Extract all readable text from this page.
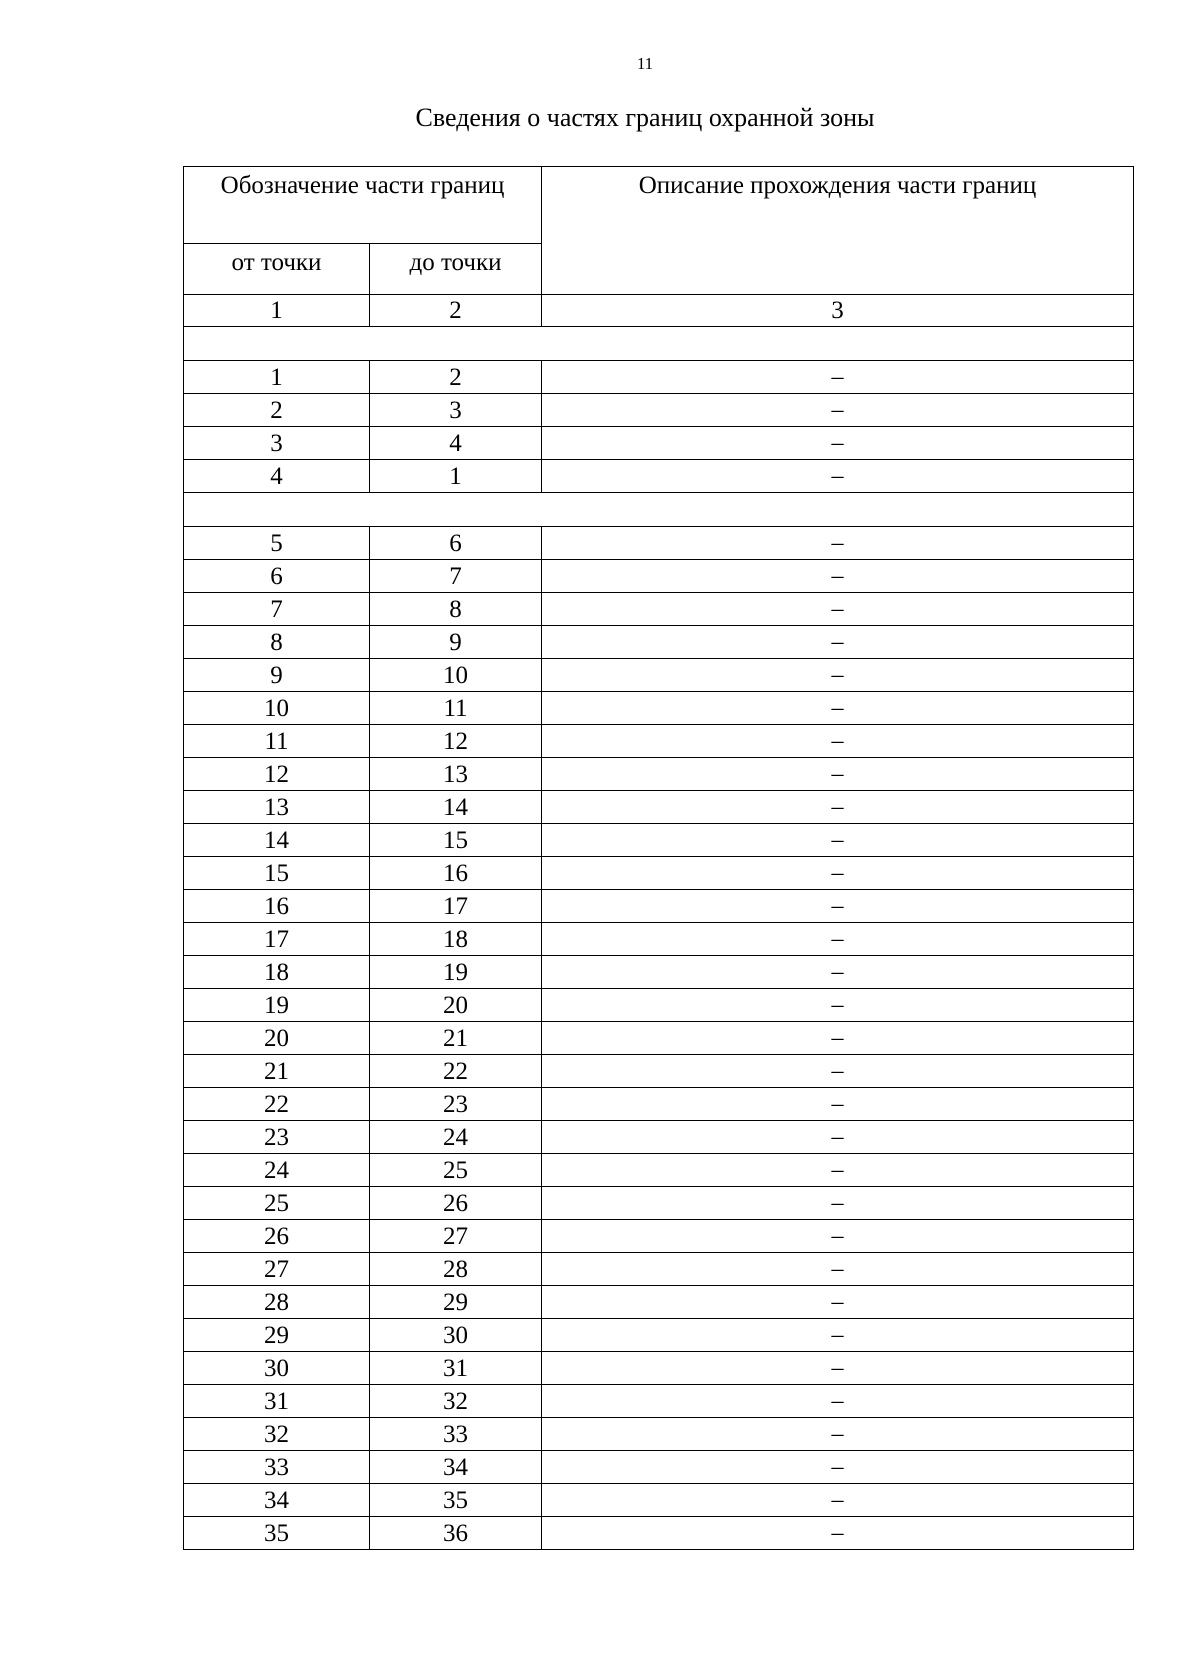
11
Сведения о частях границ охранной зоны
Обозначение части границ		Описание прохождения части границ
от точки	до точки	
1	2	3

1	2	–
2	3	–
3	4	–
4	1	–

5	6	–
6	7	–
7	8	–
8	9	–
9	10	–
10	11	–
11	12	–
12	13	–
13	14	–
14	15	–
15	16	–
16	17	–
17	18	–
18	19	–
19	20	–
20	21	–
21	22	–
22	23	–
23	24	–
24	25	–
25	26	–
26	27	–
27	28	–
28	29	–
29	30	–
30	31	–
31	32	–
32	33	–
33	34	–
34	35	–
35	36	–
